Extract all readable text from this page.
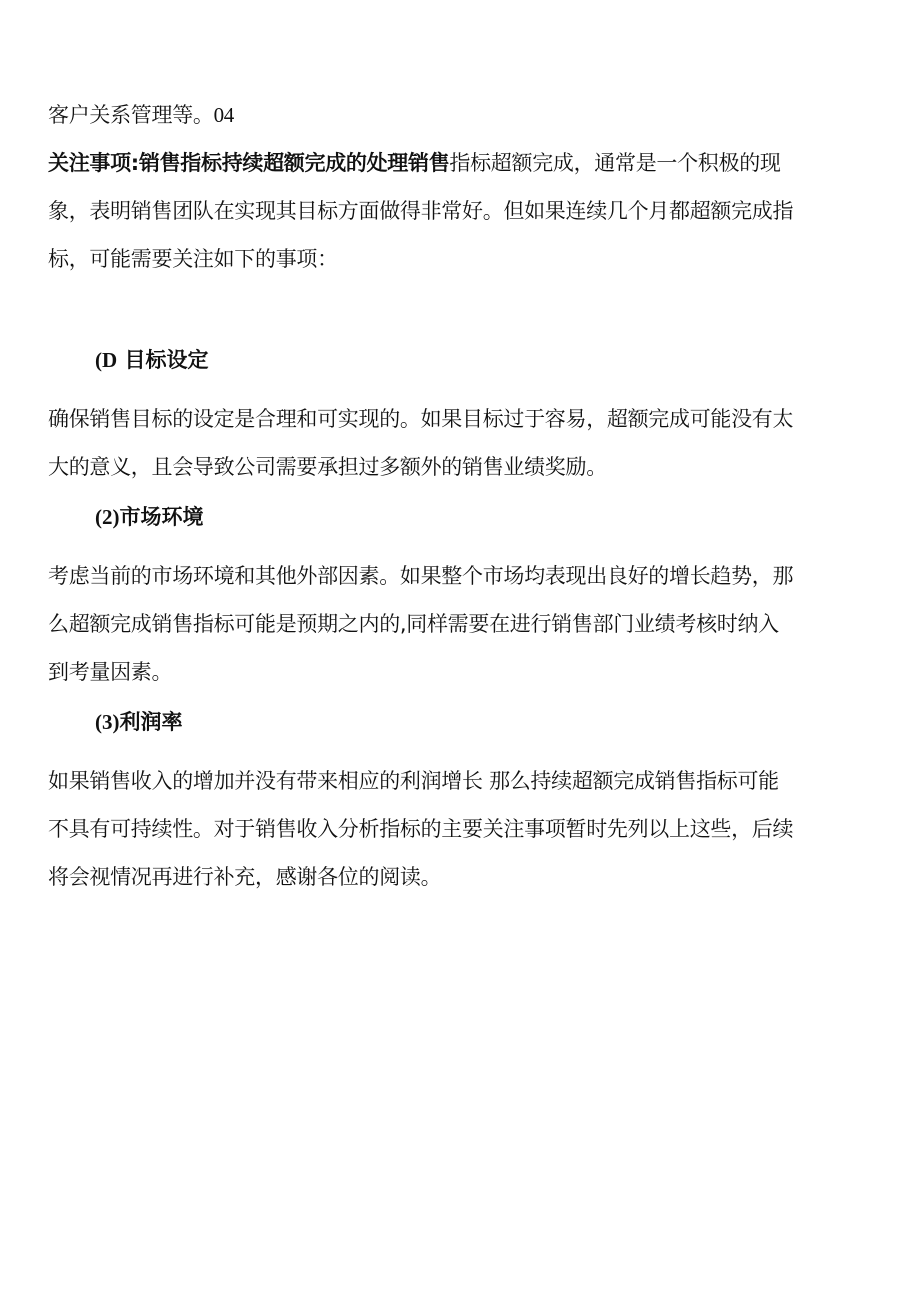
客户关系管理等。04
关注事项:销售指标持续超额完成的处理销售指标超额完成，通常是一个积极的现
象，表明销售团队在实现其目标方面做得非常好。但如果连续几个月都超额完成指
标，可能需要关注如下的事项：
(D 目标设定
确保销售目标的设定是合理和可实现的。如果目标过于容易，超额完成可能没有太
大的意义，且会导致公司需要承担过多额外的销售业绩奖励。
(2)市场环境
考虑当前的市场环境和其他外部因素。如果整个市场均表现出良好的增长趋势，那
么超额完成销售指标可能是预期之内的,同样需要在进行销售部门业绩考核时纳入
到考量因素。
(3)利润率
如果销售收入的增加并没有带来相应的利润增长 那么持续超额完成销售指标可能
不具有可持续性。对于销售收入分析指标的主要关注事项暂时先列以上这些，后续
将会视情况再进行补充，感谢各位的阅读。
